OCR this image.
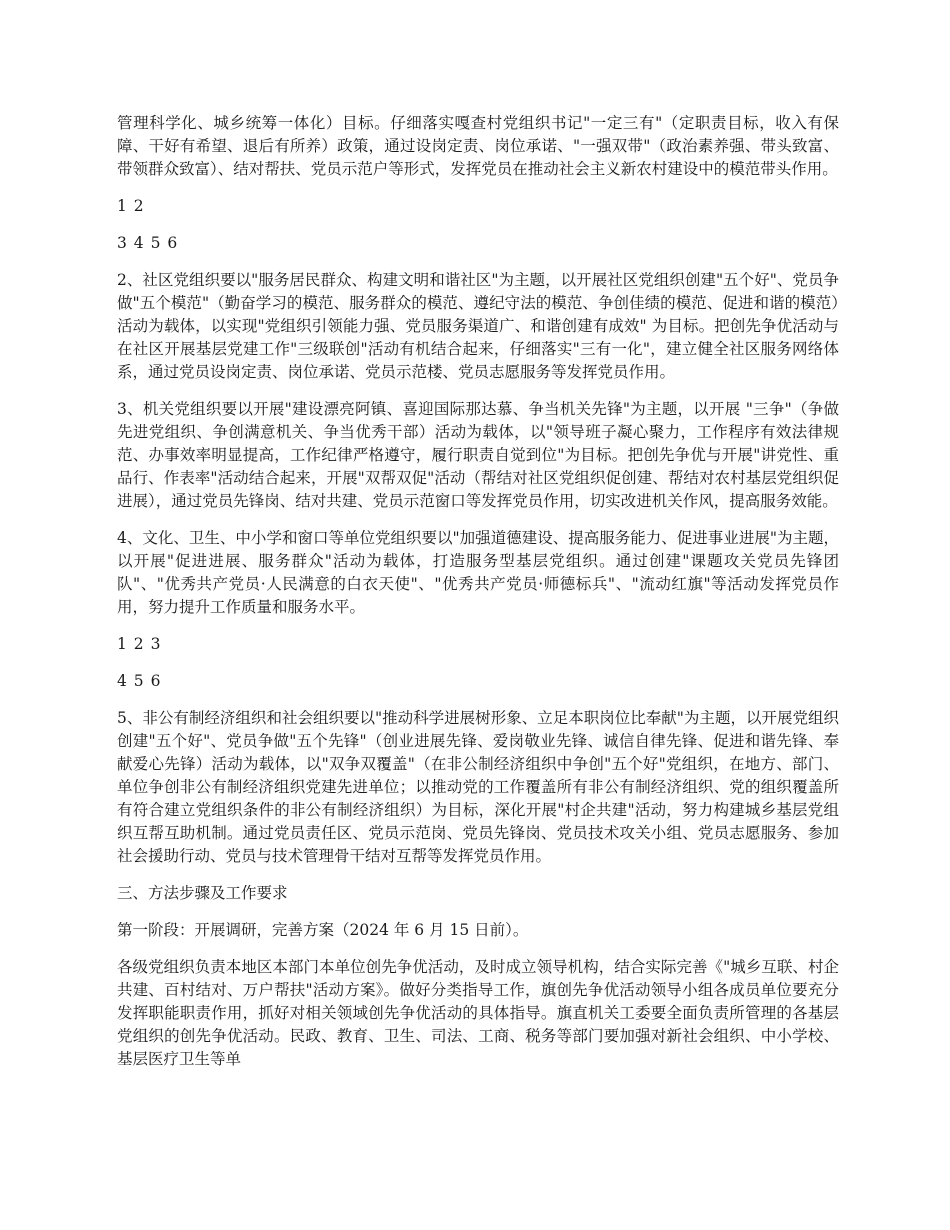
管理科学化、城乡统筹一体化）目标。仔细落实嘎查村党组织书记"一定三有"（定职责目标，收入有保障、干好有希望、退后有所养）政策，通过设岗定责、岗位承诺、"一强双带"（政治素养强、带头致富、带领群众致富）、结对帮扶、党员示范户等形式，发挥党员在推动社会主义新农村建设中的模范带头作用。

1 2

3 4 5 6

2、社区党组织要以"服务居民群众、构建文明和谐社区"为主题，以开展社区党组织创建"五个好"、党员争做"五个模范"（勤奋学习的模范、服务群众的模范、遵纪守法的模范、争创佳绩的模范、促进和谐的模范）活动为载体，以实现"党组织引领能力强、党员服务渠道广、和谐创建有成效" 为目标。把创先争优活动与在社区开展基层党建工作"三级联创"活动有机结合起来，仔细落实"三有一化"，建立健全社区服务网络体系，通过党员设岗定责、岗位承诺、党员示范楼、党员志愿服务等发挥党员作用。

3、机关党组织要以开展"建设漂亮阿镇、喜迎国际那达慕、争当机关先锋"为主题，以开展 "三争"（争做先进党组织、争创满意机关、争当优秀干部）活动为载体，以"领导班子凝心聚力，工作程序有效法律规范、办事效率明显提高，工作纪律严格遵守，履行职责自觉到位"为目标。把创先争优与开展"讲党性、重品行、作表率"活动结合起来，开展"双帮双促"活动（帮结对社区党组织促创建、帮结对农村基层党组织促进展），通过党员先锋岗、结对共建、党员示范窗口等发挥党员作用，切实改进机关作风，提高服务效能。

4、文化、卫生、中小学和窗口等单位党组织要以"加强道德建设、提高服务能力、促进事业进展"为主题，以开展"促进进展、服务群众"活动为载体，打造服务型基层党组织。通过创建"课题攻关党员先锋团队"、"优秀共产党员·人民满意的白衣天使"、"优秀共产党员·师德标兵"、"流动红旗"等活动发挥党员作用，努力提升工作质量和服务水平。

1 2 3

4 5 6

5、非公有制经济组织和社会组织要以"推动科学进展树形象、立足本职岗位比奉献"为主题，以开展党组织创建"五个好"、党员争做"五个先锋"（创业进展先锋、爱岗敬业先锋、诚信自律先锋、促进和谐先锋、奉献爱心先锋）活动为载体，以"双争双覆盖"（在非公制经济组织中争创"五个好"党组织，在地方、部门、单位争创非公有制经济组织党建先进单位；以推动党的工作覆盖所有非公有制经济组织、党的组织覆盖所有符合建立党组织条件的非公有制经济组织）为目标，深化开展"村企共建"活动，努力构建城乡基层党组织互帮互助机制。通过党员责任区、党员示范岗、党员先锋岗、党员技术攻关小组、党员志愿服务、参加社会援助行动、党员与技术管理骨干结对互帮等发挥党员作用。

三、方法步骤及工作要求

第一阶段：开展调研，完善方案（2024 年 6 月 15 日前）。

各级党组织负责本地区本部门本单位创先争优活动，及时成立领导机构，结合实际完善《"城乡互联、村企共建、百村结对、万户帮扶"活动方案》。做好分类指导工作，旗创先争优活动领导小组各成员单位要充分发挥职能职责作用，抓好对相关领域创先争优活动的具体指导。旗直机关工委要全面负责所管理的各基层党组织的创先争优活动。民政、教育、卫生、司法、工商、税务等部门要加强对新社会组织、中小学校、基层医疗卫生等单
